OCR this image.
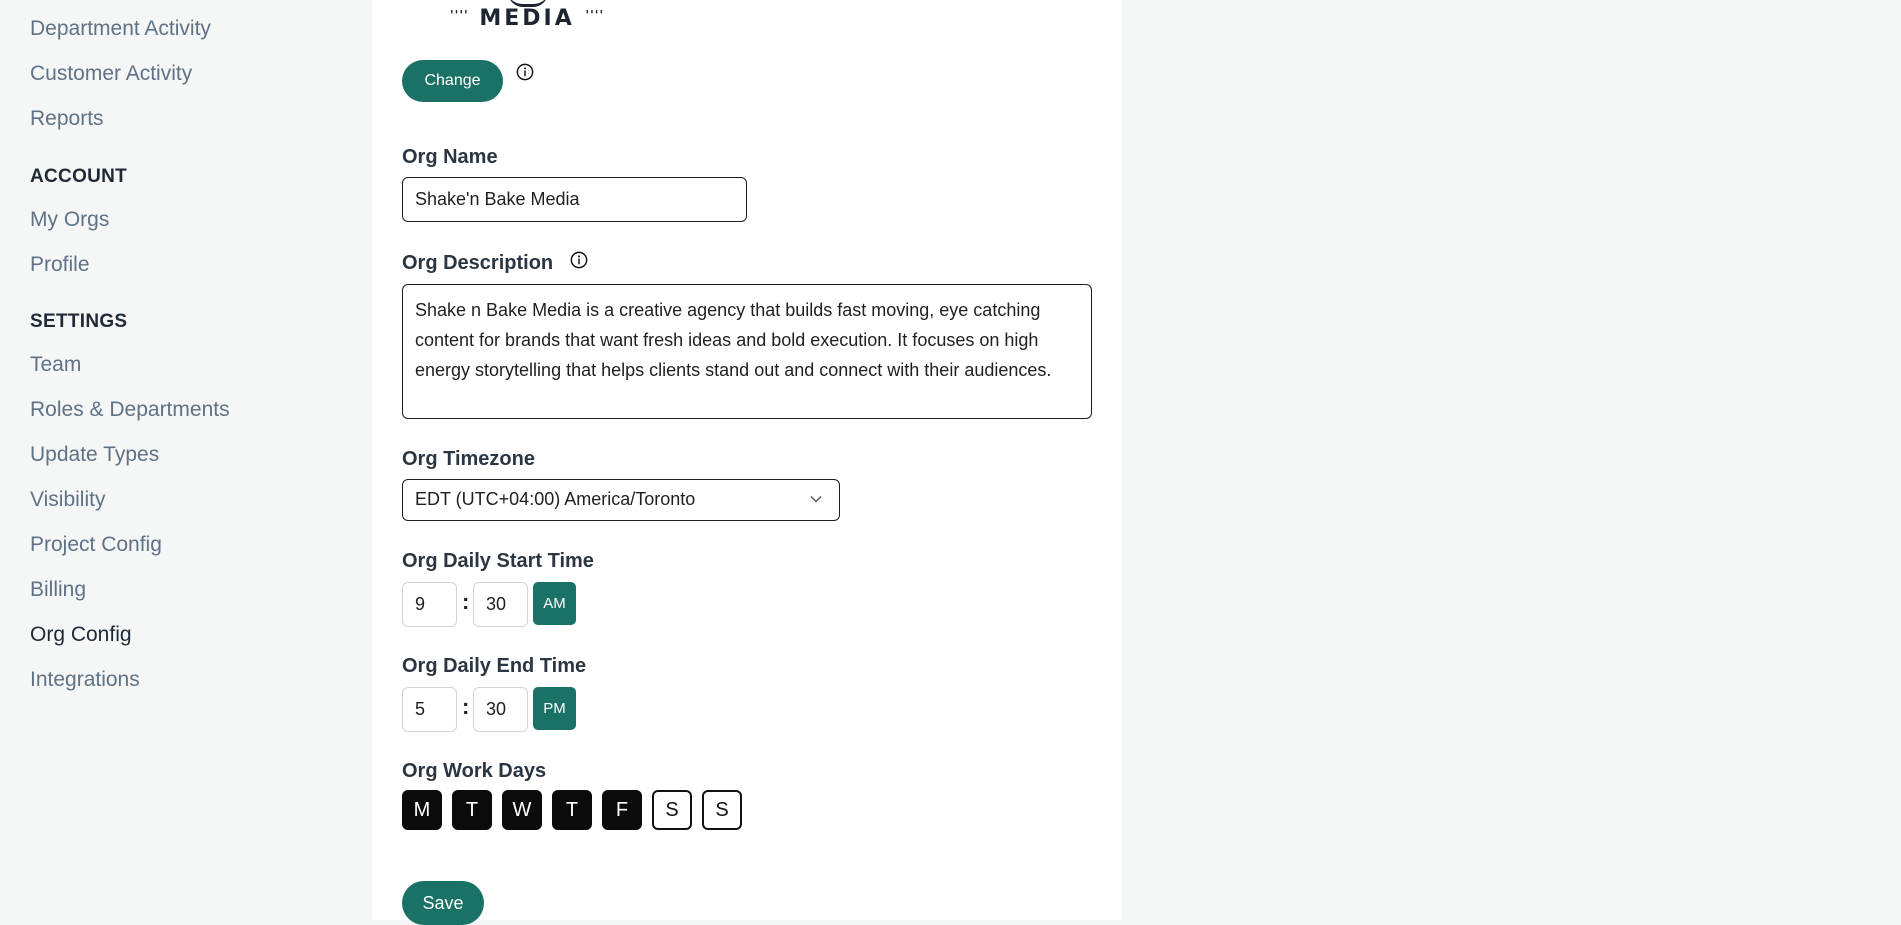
Department Activity
Customer Activity
Reports
ACCOUNT
My Orgs
Profile
SETTINGS
Team
Roles & Departments
Update Types
Visibility
Project Config
Billing
Org Config
Integrations
'''' MEDIA ''''
Change
Org Name
Shake'n Bake Media
Org Description
Shake n Bake Media is a creative agency that builds fast moving, eye catching content for brands that want fresh ideas and bold execution. It focuses on high energy storytelling that helps clients stand out and connect with their audiences.
Org Timezone
EDT (UTC+04:00) America/Toronto
Org Daily Start Time
9	: 30	AM
Org Daily End Time
5	: 30	PM
Org Work Days
M	T	W	T	F	S	S
Save
